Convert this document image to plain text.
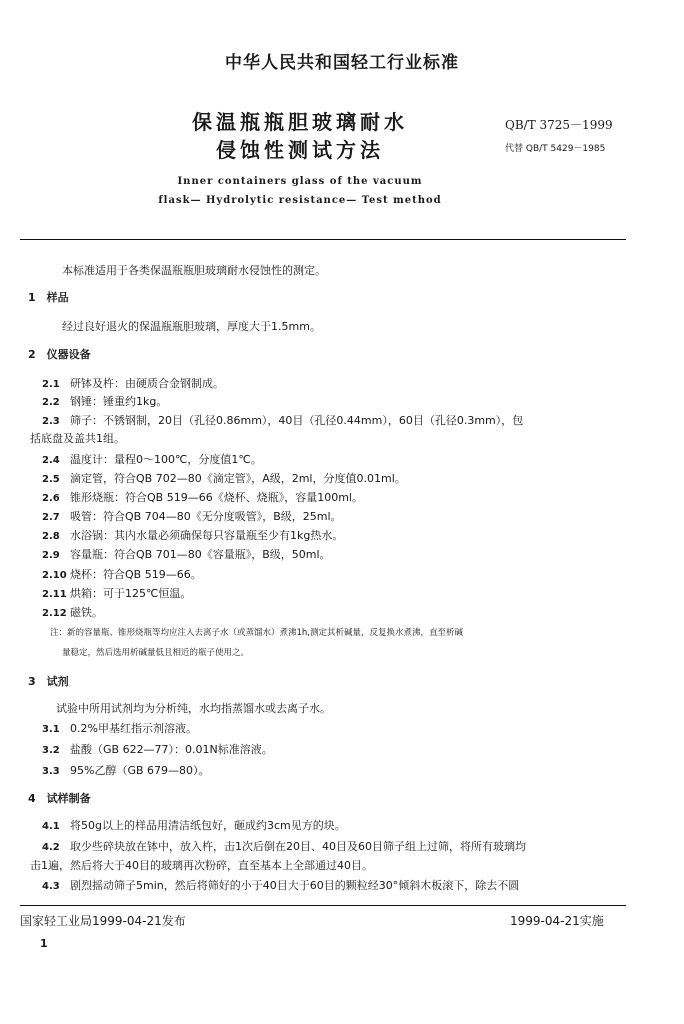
中华人民共和国轻工行业标准
保温瓶瓶胆玻璃耐水
侵蚀性测试方法
QB/T 3725－1999
代替 QB/T 5429－1985
Inner containers glass of the vacuum
flask— Hydrolytic resistance— Test method
本标准适用于各类保温瓶瓶胆玻璃耐水侵蚀性的测定。
1　样品
经过良好退火的保温瓶瓶胆玻璃，厚度大于1.5mm。
2　仪器设备
2.1 研钵及杵：由硬质合金钢制成。
2.2 钢锤：锤重约1kg。
2.3 筛子：不锈钢制，20目（孔径0.86mm），40目（孔径0.44mm），60目（孔径0.3mm），包
括底盘及盖共1组。
2.4 温度计：量程0～100℃，分度值1℃。
2.5 滴定管，符合QB 702—80《滴定管》，A级，2ml，分度值0.01ml。
2.6 锥形烧瓶：符合QB 519—66《烧杯、烧瓶》，容量100ml。
2.7 吸管：符合QB 704—80《无分度吸管》，B级，25ml。
2.8 水浴锅：其内水量必须确保每只容量瓶至少有1kg热水。
2.9 容量瓶：符合QB 701—80《容量瓶》，B级，50ml。
2.10 烧杯：符合QB 519—66。
2.11 烘箱：可于125℃恒温。
2.12 磁铁。
注：新的容量瓶、锥形烧瓶等均应注入去离子水（或蒸馏水）煮沸1h,测定其析碱量，反复换水煮沸，直至析碱
量稳定，然后选用析碱量低且相近的瓶子使用之。
3　试剂
试验中所用试剂均为分析纯，水均指蒸馏水或去离子水。
3.1 0.2%甲基红指示剂溶液。
3.2 盐酸（GB 622—77）：0.01N标准溶液。
3.3 95%乙醇（GB 679—80）。
4　试样制备
4.1 将50g以上的样品用清洁纸包好，砸成约3cm见方的块。
4.2 取少些碎块放在钵中，放入杵，击1次后倒在20目、40目及60目筛子组上过筛，将所有玻璃均
击1遍，然后将大于40目的玻璃再次粉碎，直至基本上全部通过40目。
4.3 剧烈摇动筛子5min，然后将筛好的小于40目大于60目的颗粒经30°倾斜木板滚下，除去不圆
国家轻工业局1999-04-21发布	1999-04-21实施
1
